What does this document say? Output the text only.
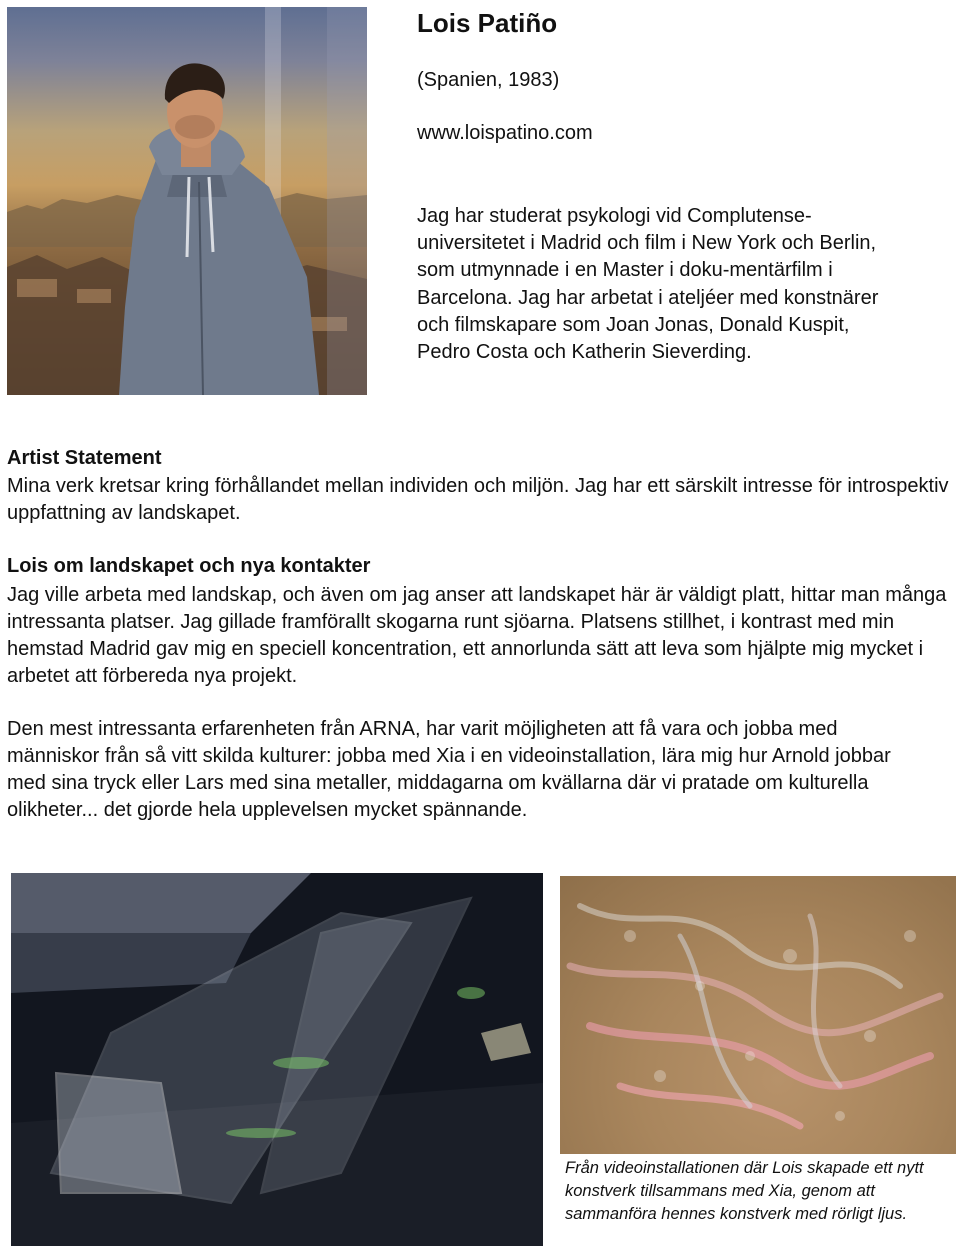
Lois Patiño
(Spanien, 1983)
www.loispatino.com

Jag har studerat psykologi vid Complutense-universitetet i Madrid och film i New York och Berlin, som utmynnade i en Master i doku-mentärfilm i Barcelona. Jag har arbetat i ateljéer med konstnärer och filmskapare som Joan Jonas, Donald Kuspit, Pedro Costa och Katherin Sieverding.

Artist Statement

Mina verk kretsar kring förhållandet mellan individen och miljön. Jag har ett särskilt intresse för introspektiv uppfattning av landskapet.

Lois om landskapet och nya kontakter

Jag ville arbeta med landskap, och även om jag anser att landskapet här är väldigt platt, hittar man många intressanta platser. Jag gillade framförallt skogarna runt sjöarna. Platsens stillhet, i kontrast med min hemstad Madrid gav mig en speciell koncentration, ett annorlunda sätt att leva som hjälpte mig mycket i arbetet att förbereda nya projekt.

Den mest intressanta erfarenheten från ARNA, har varit möjligheten att få vara och jobba med människor från så vitt skilda kulturer: jobba med Xia i en videoinstallation, lära mig hur Arnold jobbar med sina tryck eller Lars med sina metaller, middagarna om kvällarna där vi pratade om kulturella olikheter... det gjorde hela upplevelsen mycket spännande.

Från videoinstallationen där Lois skapade ett nytt konstverk tillsammans med Xia, genom att sammanföra hennes konstverk med rörligt ljus.
